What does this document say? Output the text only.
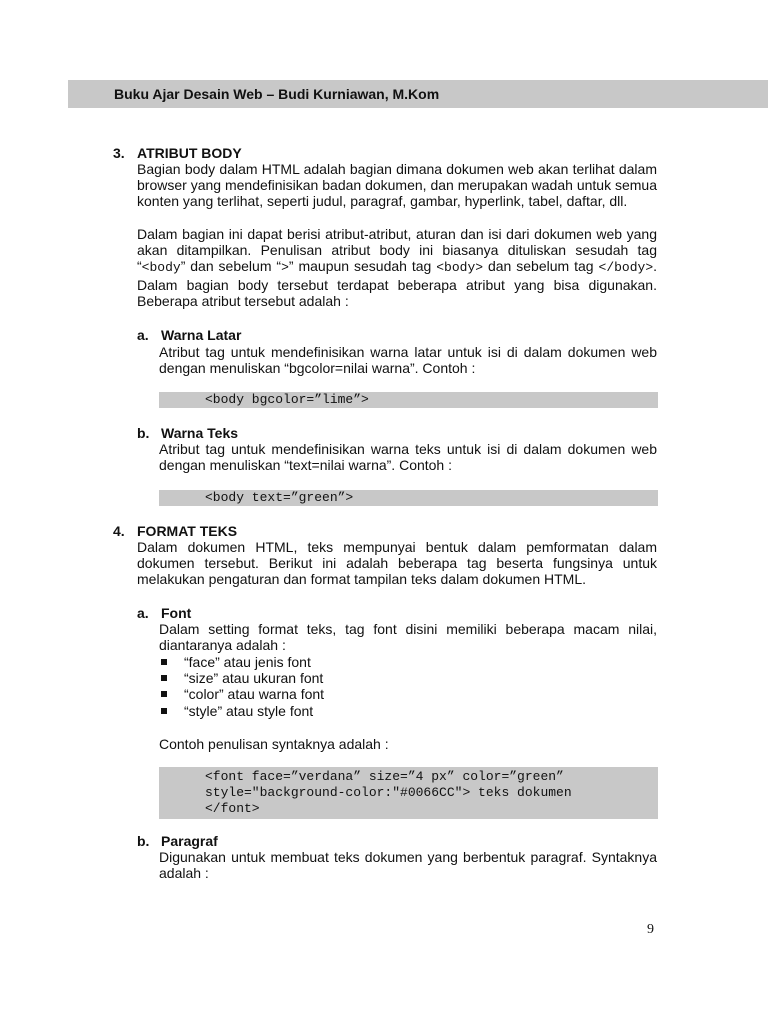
Buku Ajar Desain Web – Budi Kurniawan, M.Kom
3. ATRIBUT BODY
Bagian body dalam HTML adalah bagian dimana dokumen web akan terlihat dalam browser yang mendefinisikan badan dokumen, dan merupakan wadah untuk semua konten yang terlihat, seperti judul, paragraf, gambar, hyperlink, tabel, daftar, dll.
Dalam bagian ini dapat berisi atribut-atribut, aturan dan isi dari dokumen web yang akan ditampilkan. Penulisan atribut body ini biasanya dituliskan sesudah tag “<body” dan sebelum “>” maupun sesudah tag <body> dan sebelum tag </body>. Dalam bagian body tersebut terdapat beberapa atribut yang bisa digunakan. Beberapa atribut tersebut adalah :
a. Warna Latar
Atribut tag untuk mendefinisikan warna latar untuk isi di dalam dokumen web dengan menuliskan “bgcolor=nilai warna”. Contoh :
<body bgcolor=”lime”>
b. Warna Teks
Atribut tag untuk mendefinisikan warna teks untuk isi di dalam dokumen web dengan menuliskan “text=nilai warna”. Contoh :
<body text=”green”>
4. FORMAT TEKS
Dalam dokumen HTML, teks mempunyai bentuk dalam pemformatan dalam dokumen tersebut. Berikut ini adalah beberapa tag beserta fungsinya untuk melakukan pengaturan dan format tampilan teks dalam dokumen HTML.
a. Font
Dalam setting format teks, tag font disini memiliki beberapa macam nilai, diantaranya adalah :
“face” atau jenis font
“size” atau ukuran font
“color” atau warna font
“style” atau style font
Contoh penulisan syntaknya adalah :
<font face=”verdana” size=”4 px” color=”green”
style="background-color:"#0066CC"> teks dokumen
</font>
b. Paragraf
Digunakan untuk membuat teks dokumen yang berbentuk paragraf. Syntaknya adalah :
9
